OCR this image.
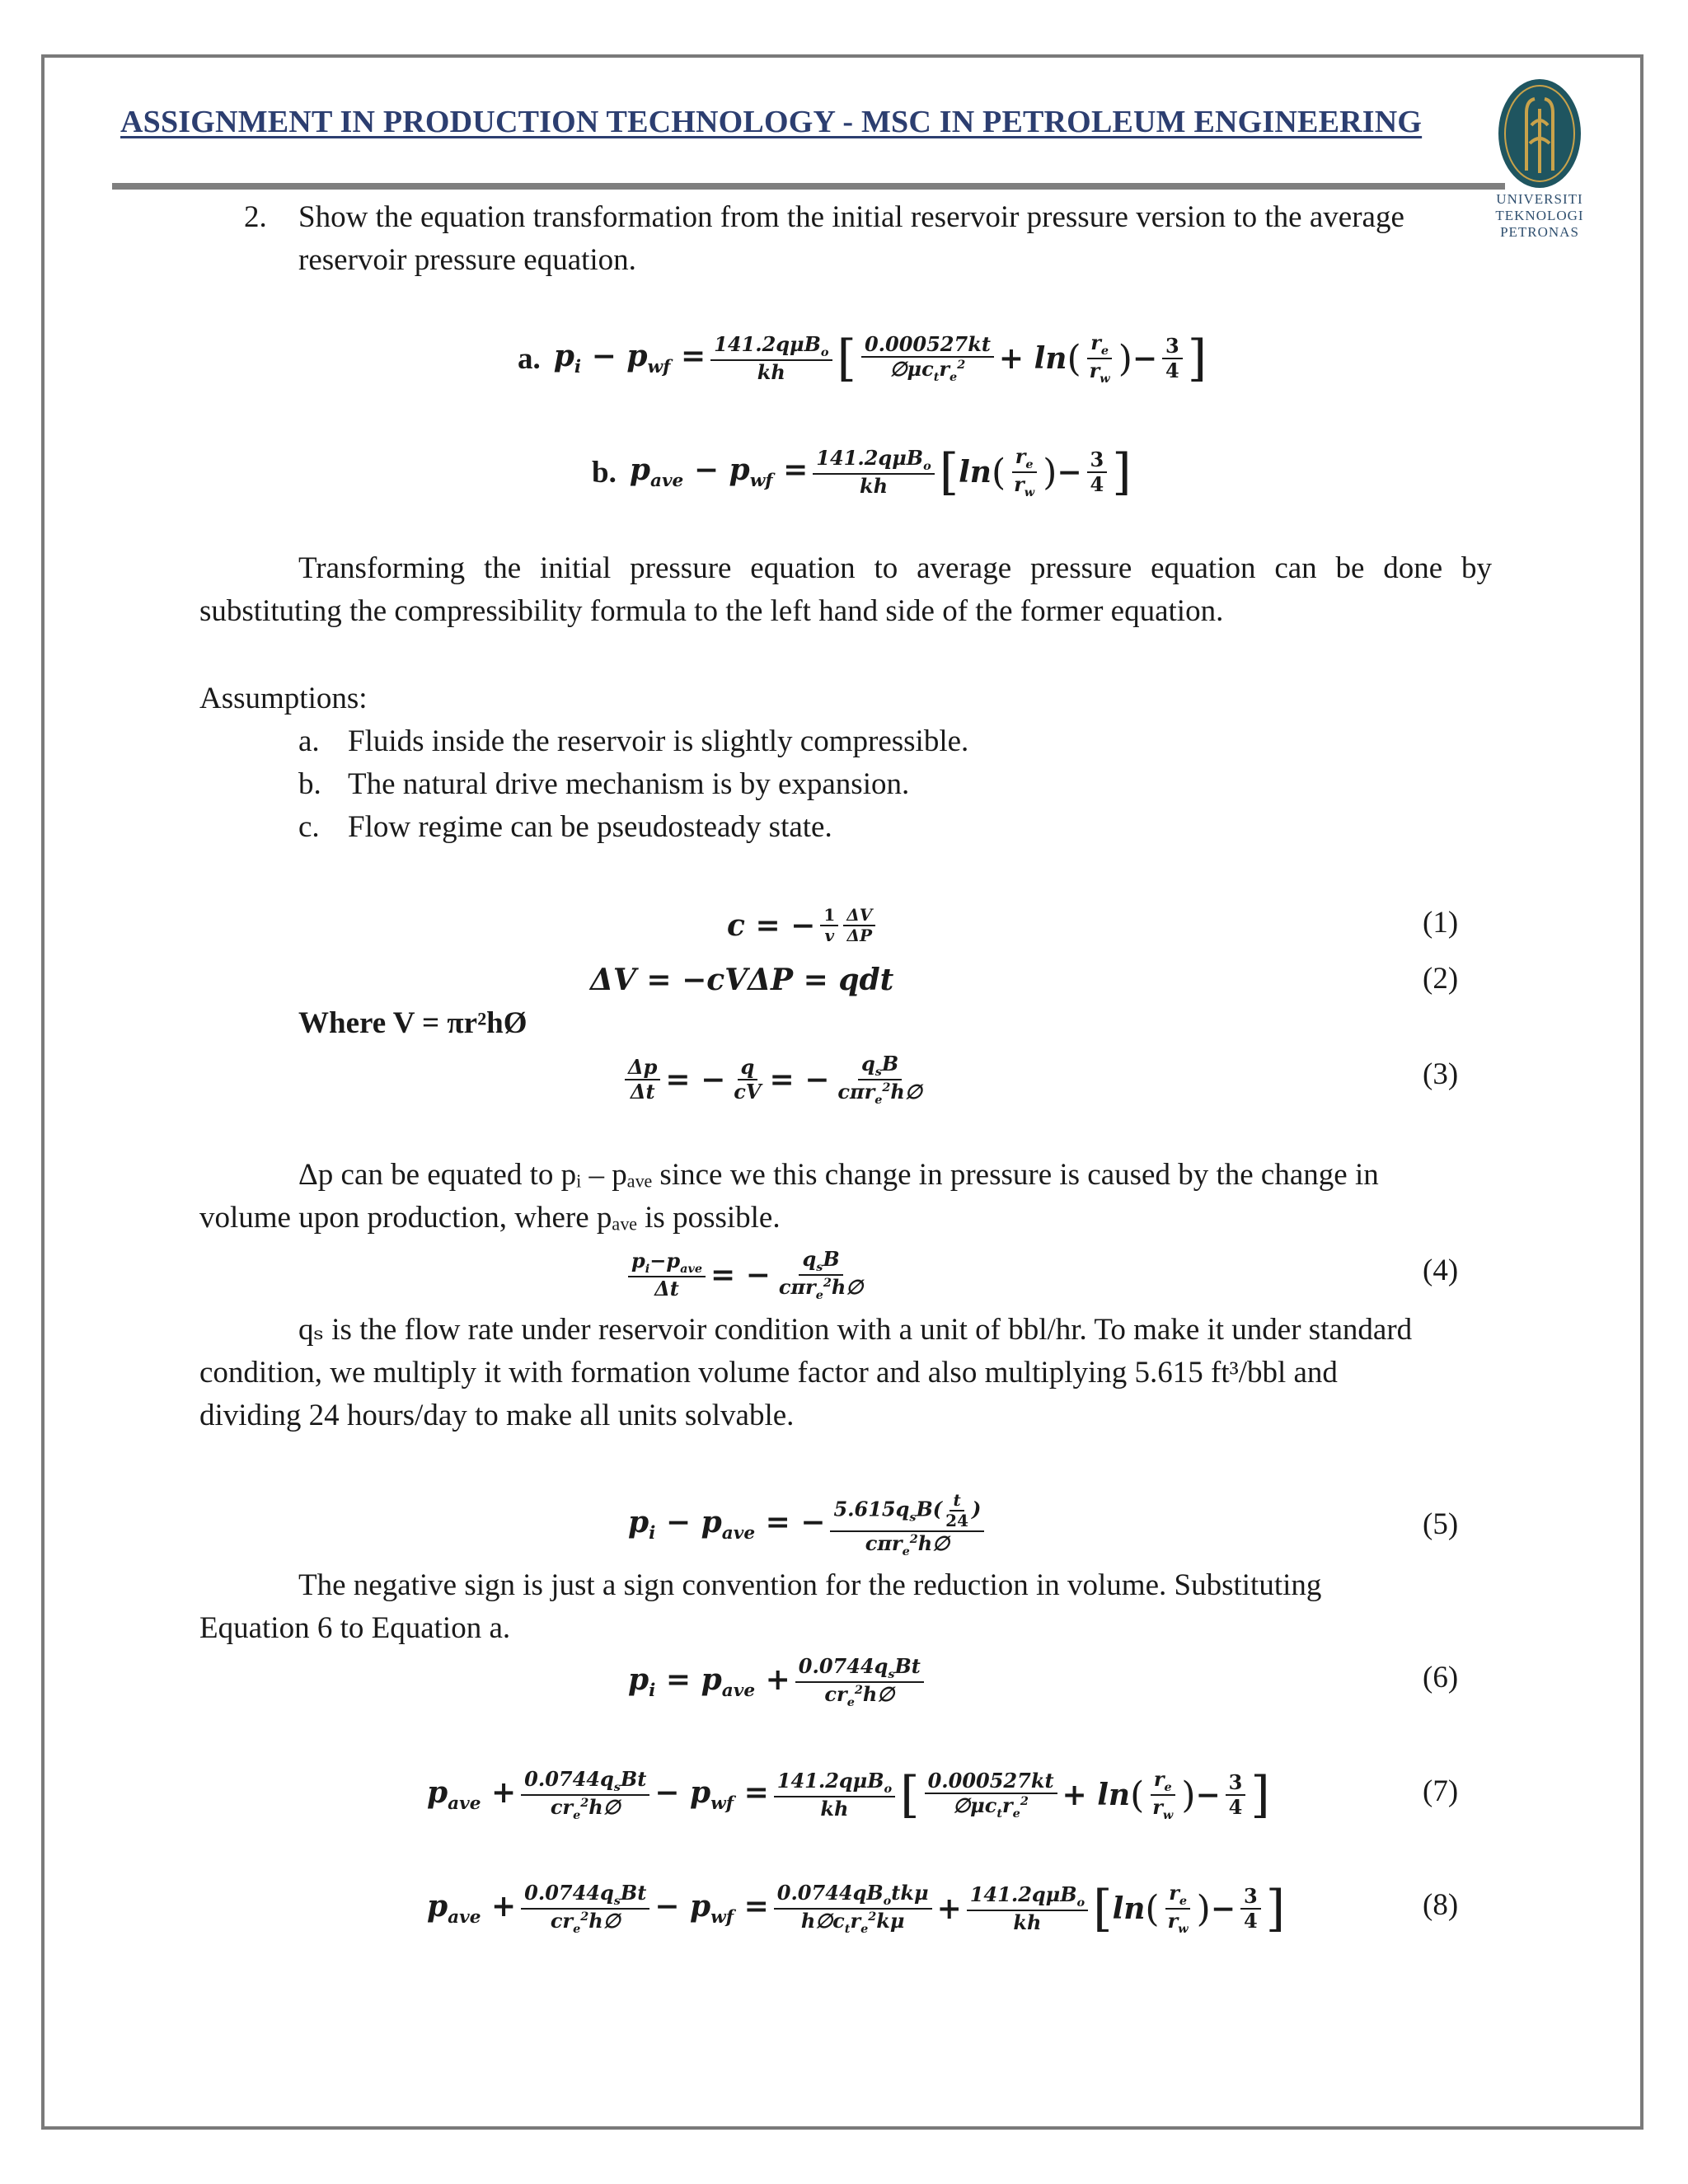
ASSIGNMENT IN PRODUCTION TECHNOLOGY - MSC IN PETROLEUM ENGINEERING
UNIVERSITI
TEKNOLOGI
PETRONAS
2. Show the equation transformation from the initial reservoir pressure version to the average
reservoir pressure equation.
a. $p_i - p_{wf} = \frac{141.2q\mu B_o}{kh}$ [ $\frac{0.000527kt}{\emptyset\mu c_tr_e^2} + \ln$ ( $\frac{r_e}{r_w}$ ) − $\frac{3}{4}$ ]
b. $p_{ave} - p_{wf} = \frac{141.2q\mu B_o}{kh}$ [ ln ( $\frac{r_e}{r_w}$ ) − $\frac{3}{4}$ ]
Transforming the initial pressure equation to average pressure equation can be done by
substituting the compressibility formula to the left hand side of the former equation.
Assumptions:
a. Fluids inside the reservoir is slightly compressible.
b. The natural drive mechanism is by expansion.
c. Flow regime can be pseudosteady state.
c = − $\frac{1}{v} \frac{\Delta V}{\Delta P}$	(1)
ΔV = −cVΔP = qdt	(2)
Where V = πr²hØ
$\frac{\Delta p}{\Delta t}$ = − $\frac{q}{cV}$ = − $\frac{q_sB}{c\pi r_e^2h\emptyset}$	(3)
Δp can be equated to pᵢ – pₐᵥₑ since we this change in pressure is caused by the change in
volume upon production, where pₐᵥₑ is possible.
$\frac{p_i-p_{ave}}{\Delta t}$ = − $\frac{q_sB}{c\pi r_e^2h\emptyset}$	(4)
qₛ is the flow rate under reservoir condition with a unit of bbl/hr. To make it under standard
condition, we multiply it with formation volume factor and also multiplying 5.615 ft³/bbl and
dividing 24 hours/day to make all units solvable.
$p_i - p_{ave}$ = − $\frac{5.615q_sB( \frac{t}{24} )}{c\pi r_e^2h\emptyset}$	(5)
The negative sign is just a sign convention for the reduction in volume. Substituting
Equation 6 to Equation a.
$p_i = p_{ave} + \frac{0.0744q_sBt}{cr_e^2h\emptyset}$	(6)
$p_{ave} + \frac{0.0744q_sBt}{cr_e^2h\emptyset} - p_{wf} = \frac{141.2q\mu B_o}{kh}$ [ $\frac{0.000527kt}{\emptyset\mu c_tr_e^2} + \ln$ ( $\frac{r_e}{r_w}$ ) − $\frac{3}{4}$ ]	(7)
$p_{ave} + \frac{0.0744q_sBt}{cr_e^2h\emptyset} - p_{wf} = \frac{0.0744qB_otk\mu}{h\emptyset c_tr_e^2k\mu} + \frac{141.2q\mu B_o}{kh}$ [ ln ( $\frac{r_e}{r_w}$ ) − $\frac{3}{4}$ ]	(8)
